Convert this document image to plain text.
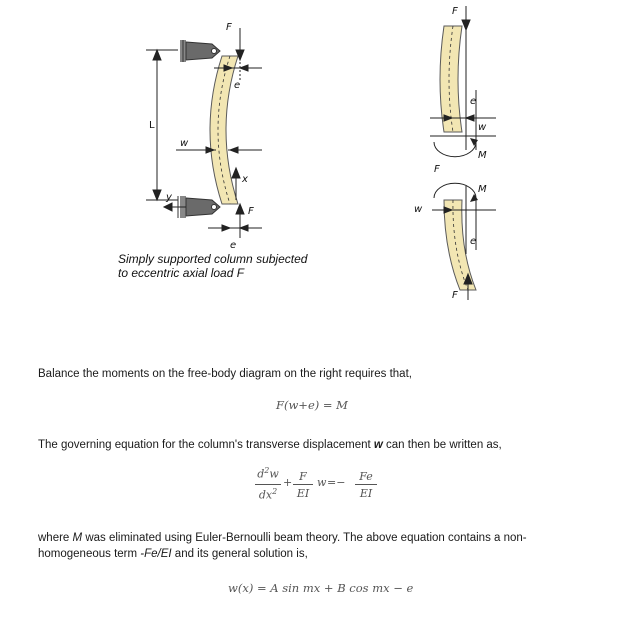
L
F
e
w
x
y
F
e
F
e
w
M
F
M
w
e
F
Simply supported column subjected
to eccentric axial load F
Balance the moments on the free-body diagram on the right requires that,
F(w+e) = M
The governing equation for the column's transverse displacement w can then be written as,
$d^2w$
$dx^2$
+ F
EI
w =−	Fe
EI
where M was eliminated using Euler-Bernoulli beam theory. The above equation contains a non-
homogeneous term -Fe/EI and its general solution is,
w(x) = A sin mx + B cos mx − e
